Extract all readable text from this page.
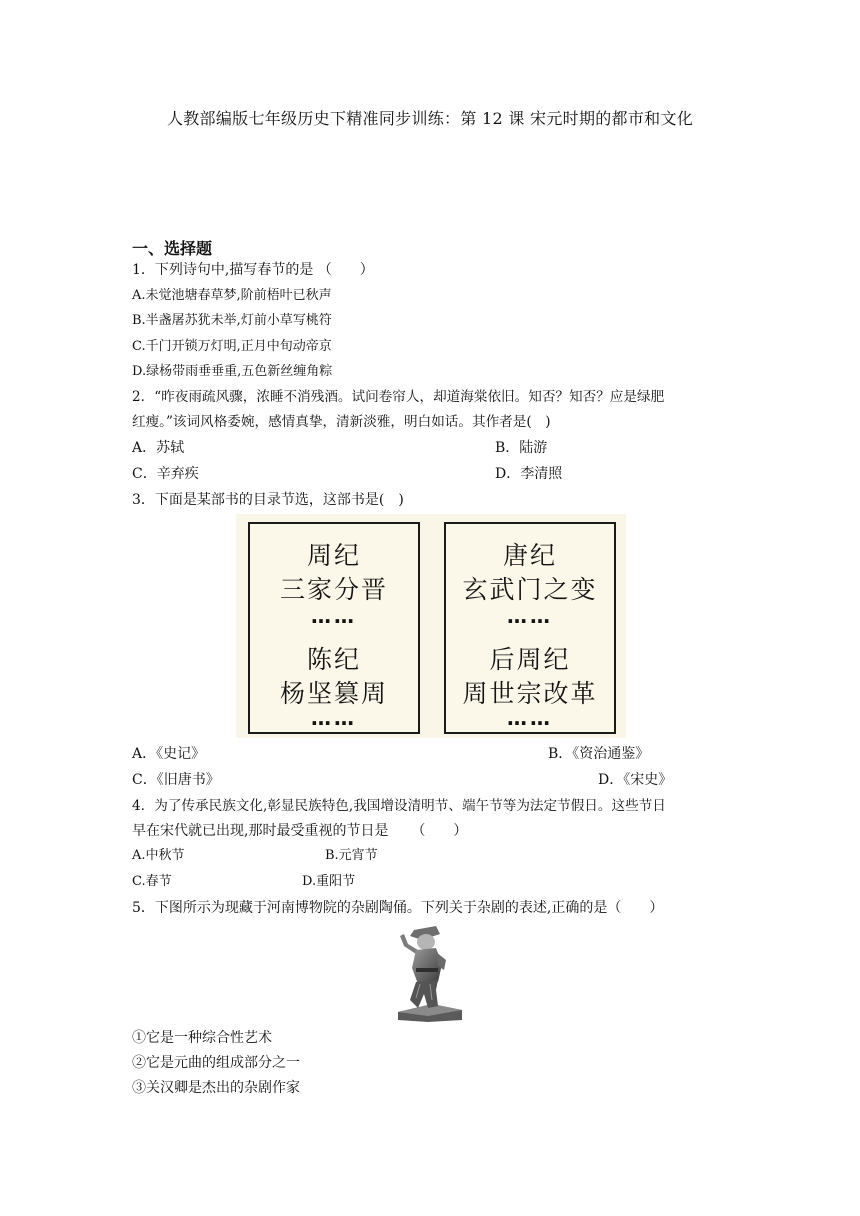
人教部编版七年级历史下精准同步训练：第 12 课 宋元时期的都市和文化
一、选择题
1．下列诗句中,描写春节的是 （　　）
A.未觉池塘春草梦,阶前梧叶已秋声
B.半盏屠苏犹未举,灯前小草写桃符
C.千门开锁万灯明,正月中旬动帝京
D.绿杨带雨垂垂重,五色新丝缠角粽
2．“昨夜雨疏风骤，浓睡不消残酒。试问卷帘人，却道海棠依旧。知否？知否？应是绿肥
红瘦。”该词风格委婉，感情真挚，清新淡雅，明白如话。其作者是(　)
A．苏轼	B．陆游
C．辛弃疾	D．李清照
3．下面是某部书的目录节选，这部书是(　)
周纪
三家分晋
……
陈纪
杨坚篡周
……
唐纪
玄武门之变
……
后周纪
周世宗改革
……
A．《史记》	B．《资治通鉴》
C．《旧唐书》	D．《宋史》
4．为了传承民族文化,彰显民族特色,我国增设清明节、端午节等为法定节假日。这些节日
早在宋代就已出现,那时最受重视的节日是 　 （　　）
A.中秋节	B.元宵节
C.春节	D.重阳节
5．下图所示为现藏于河南博物院的杂剧陶俑。下列关于杂剧的表述,正确的是（　　）
①它是一种综合性艺术
②它是元曲的组成部分之一
③关汉卿是杰出的杂剧作家
